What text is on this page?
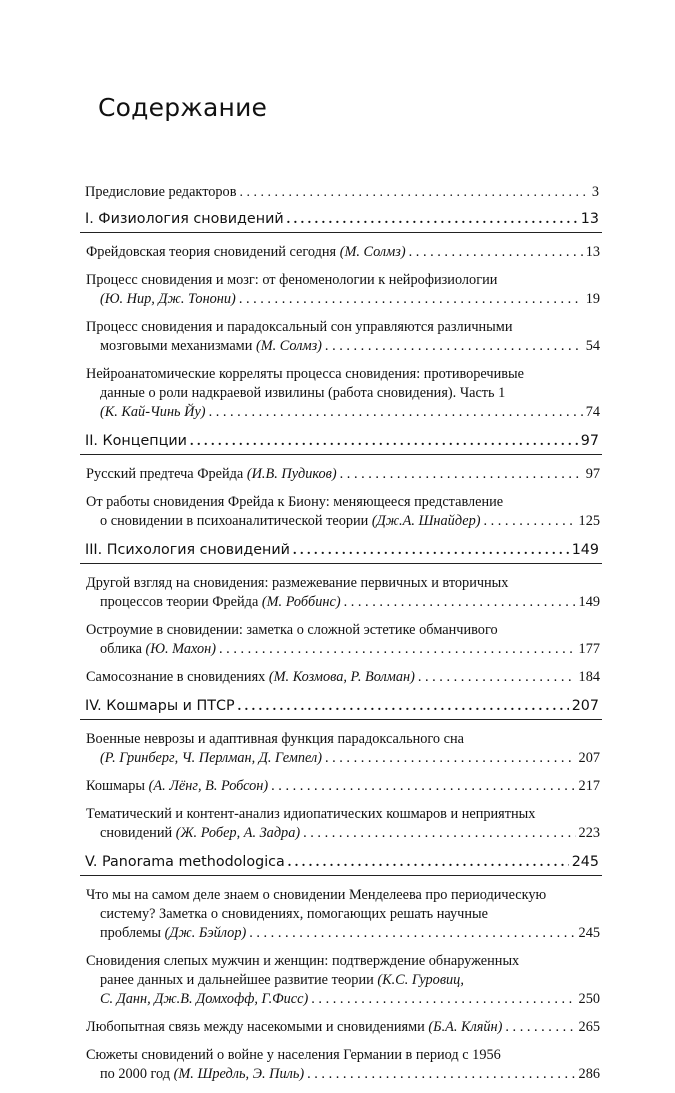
Содержание
Предисловие редакторов . . .	3
I. Физиология сновидений . . .	13
Фрейдовская теория сновидений сегодня
(М. Солмз) . . .	13
Процесс сновидения и мозг: от феноменологии к нейрофизиологии
(Ю. Нир, Дж. Тонони) . . .	19
Процесс сновидения и парадоксальный сон управляются различными
мозговыми механизмами
(М. Солмз) . . .	54
Нейроанатомические корреляты процесса сновидения: противоречивые
данные о роли надкраевой извилины (работа сновидения). Часть 1
(К. Кай-Чинь Йу) . . .	74
II. Концепции . . .	97
Русский предтеча Фрейда
(И.В. Пудиков) . . .	97
От работы сновидения Фрейда к Биону: меняющееся представление
о сновидении в психоаналитической теории
(Дж.А. Шнайдер) . . .	125
III. Психология сновидений . . .	149
Другой взгляд на сновидения: размежевание первичных и вторичных
процессов теории Фрейда
(М. Роббинс) . . .	149
Остроумие в сновидении: заметка о сложной эстетике обманчивого
облика
(Ю. Махон) . . .	177
Самосознание в сновидениях
(М. Козмова, Р. Волман) . . .	184
IV. Кошмары и ПТСР . . .	207
Военные неврозы и адаптивная функция парадоксального сна
(Р. Гринберг, Ч. Перлман, Д. Гемпел) . . .	207
Кошмары
(А. Лёнг, В. Робсон) . . .	217
Тематический и контент-анализ идиопатических кошмаров и неприятных
сновидений
(Ж. Робер, А. Задра) . . .	223
V. Panorama methodologica . . .	245
Что мы на самом деле знаем о сновидении Менделеева про периодическую
систему? Заметка о сновидениях, помогающих решать научные
проблемы
(Дж. Бэйлор) . . .	245
Сновидения слепых мужчин и женщин: подтверждение обнаруженных
ранее данных и дальнейшее развитие теории (К.С. Гуровиц,
С. Данн, Дж.В. Домхофф, Г.Фисс) . . .	250
Любопытная связь между насекомыми и сновидениями
(Б.А. Кляйн) . . .	265
Сюжеты сновидений о войне у населения Германии в период с 1956
по 2000 год
(М. Шредль, Э. Пиль) . . .	286
